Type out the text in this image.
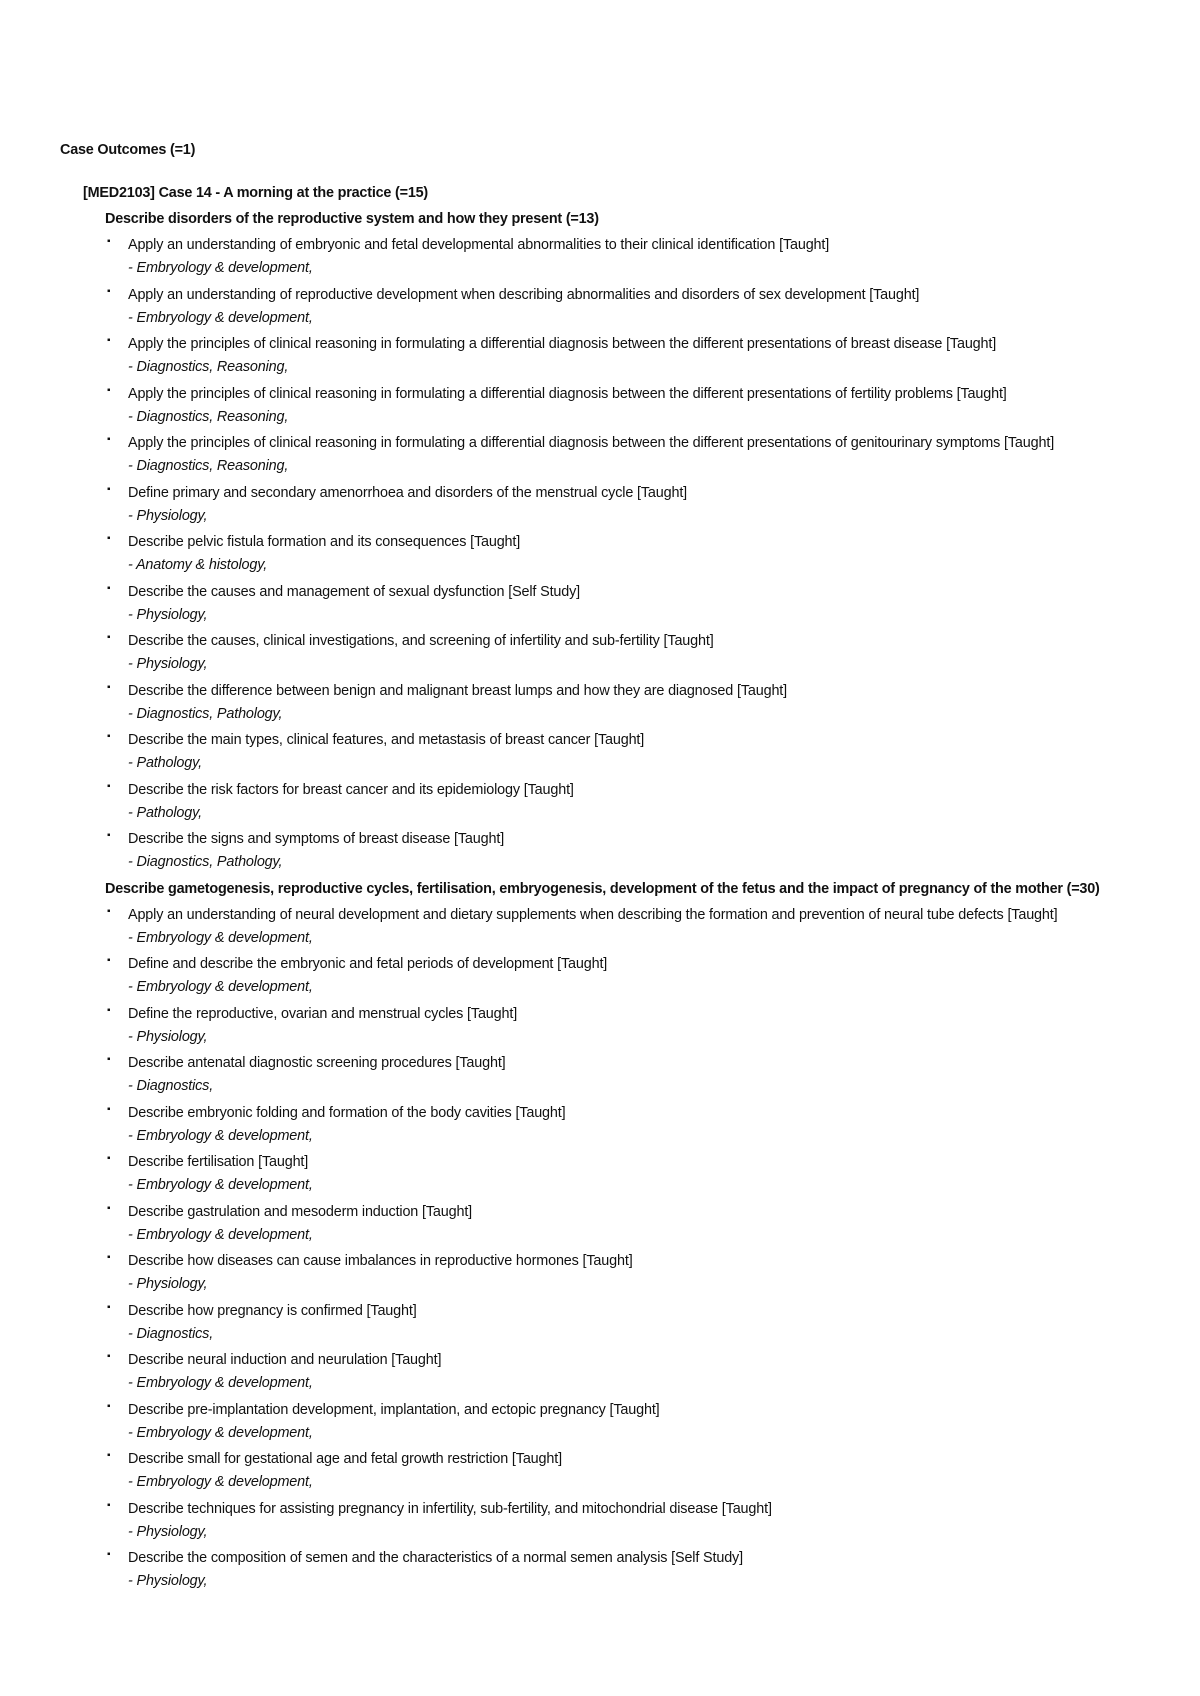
Case Outcomes (=1)
[MED2103] Case 14 - A morning at the practice (=15)
Describe disorders of the reproductive system and how they present (=13)
▪ Apply an understanding of embryonic and fetal developmental abnormalities to their clinical identification [Taught]
- Embryology & development,
▪ Apply an understanding of reproductive development when describing abnormalities and disorders of sex development [Taught]
- Embryology & development,
▪ Apply the principles of clinical reasoning in formulating a differential diagnosis between the different presentations of breast disease [Taught]
- Diagnostics, Reasoning,
▪ Apply the principles of clinical reasoning in formulating a differential diagnosis between the different presentations of fertility problems [Taught]
- Diagnostics, Reasoning,
▪ Apply the principles of clinical reasoning in formulating a differential diagnosis between the different presentations of genitourinary symptoms [Taught]
- Diagnostics, Reasoning,
▪ Define primary and secondary amenorrhoea and disorders of the menstrual cycle [Taught]
- Physiology,
▪ Describe pelvic fistula formation and its consequences [Taught]
- Anatomy & histology,
▪ Describe the causes and management of sexual dysfunction [Self Study]
- Physiology,
▪ Describe the causes, clinical investigations, and screening of infertility and sub-fertility [Taught]
- Physiology,
▪ Describe the difference between benign and malignant breast lumps and how they are diagnosed [Taught]
- Diagnostics, Pathology,
▪ Describe the main types, clinical features, and metastasis of breast cancer [Taught]
- Pathology,
▪ Describe the risk factors for breast cancer and its epidemiology [Taught]
- Pathology,
▪ Describe the signs and symptoms of breast disease [Taught]
- Diagnostics, Pathology,
Describe gametogenesis, reproductive cycles, fertilisation, embryogenesis, development of the fetus and the impact of pregnancy of the mother (=30)
▪ Apply an understanding of neural development and dietary supplements when describing the formation and prevention of neural tube defects [Taught]
- Embryology & development,
▪ Define and describe the embryonic and fetal periods of development [Taught]
- Embryology & development,
▪ Define the reproductive, ovarian and menstrual cycles [Taught]
- Physiology,
▪ Describe antenatal diagnostic screening procedures [Taught]
- Diagnostics,
▪ Describe embryonic folding and formation of the body cavities [Taught]
- Embryology & development,
▪ Describe fertilisation [Taught]
- Embryology & development,
▪ Describe gastrulation and mesoderm induction [Taught]
- Embryology & development,
▪ Describe how diseases can cause imbalances in reproductive hormones [Taught]
- Physiology,
▪ Describe how pregnancy is confirmed [Taught]
- Diagnostics,
▪ Describe neural induction and neurulation [Taught]
- Embryology & development,
▪ Describe pre-implantation development, implantation, and ectopic pregnancy [Taught]
- Embryology & development,
▪ Describe small for gestational age and fetal growth restriction [Taught]
- Embryology & development,
▪ Describe techniques for assisting pregnancy in infertility, sub-fertility, and mitochondrial disease [Taught]
- Physiology,
▪ Describe the composition of semen and the characteristics of a normal semen analysis [Self Study]
- Physiology,
